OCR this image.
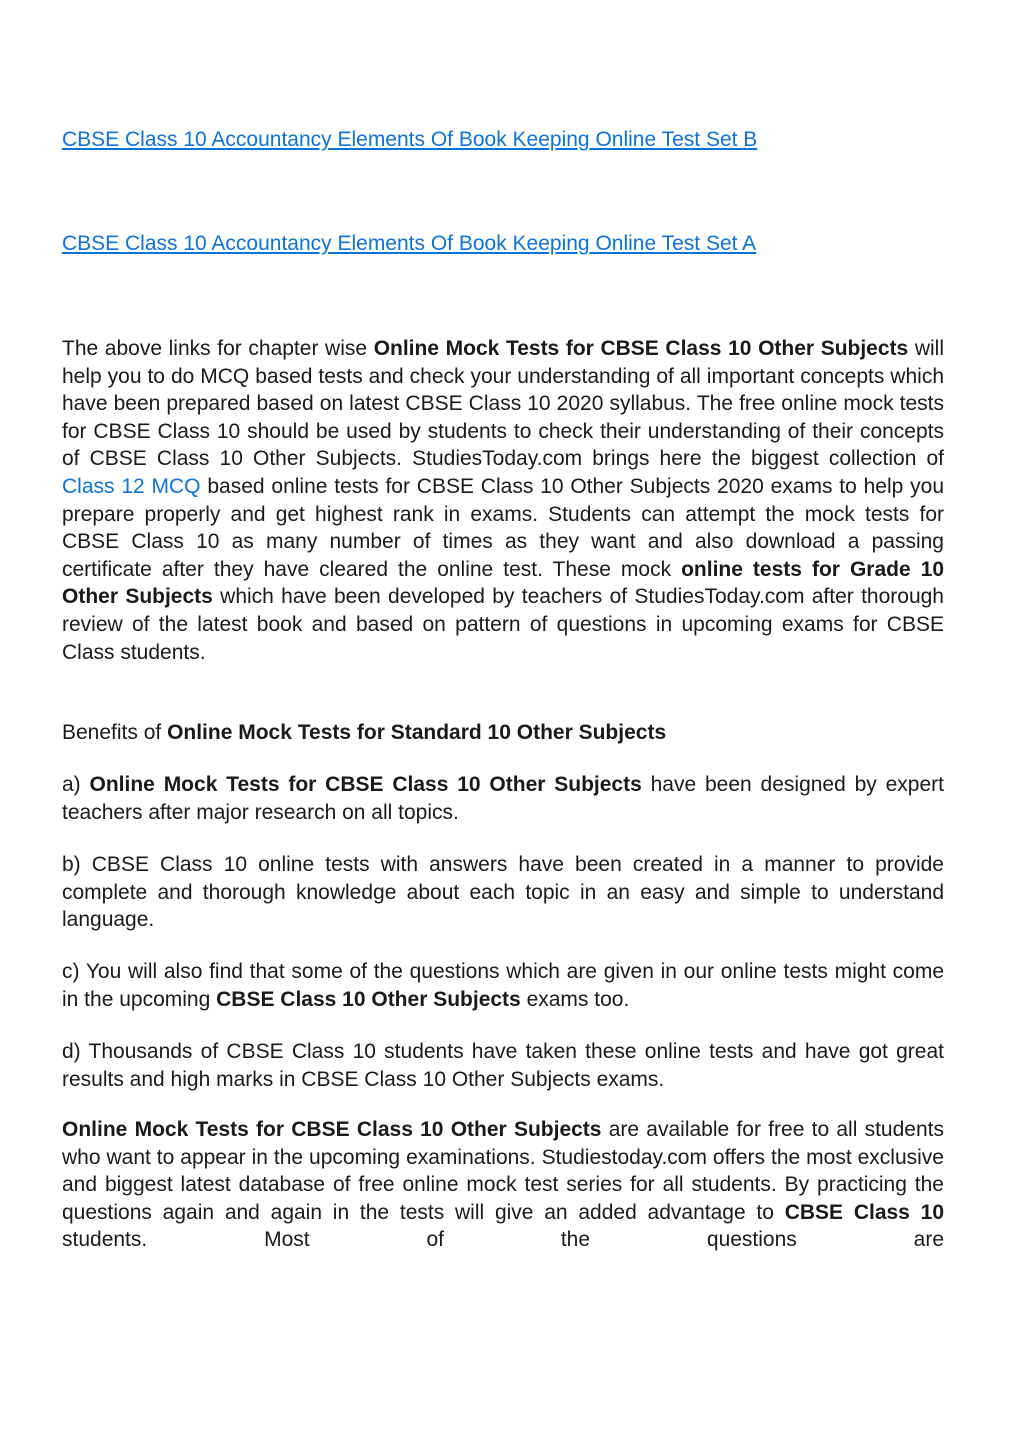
CBSE Class 10 Accountancy Elements Of Book Keeping Online Test Set B
CBSE Class 10 Accountancy Elements Of Book Keeping Online Test Set A

The above links for chapter wise Online Mock Tests for CBSE Class 10 Other Subjects will help you to do MCQ based tests and check your understanding of all important concepts which have been prepared based on latest CBSE Class 10 2020 syllabus. The free online mock tests for CBSE Class 10 should be used by students to check their understanding of their concepts of CBSE Class 10 Other Subjects. StudiesToday.com brings here the biggest collection of Class 12 MCQ based online tests for CBSE Class 10 Other Subjects 2020 exams to help you prepare properly and get highest rank in exams. Students can attempt the mock tests for CBSE Class 10 as many number of times as they want and also download a passing certificate after they have cleared the online test. These mock online tests for Grade 10 Other Subjects which have been developed by teachers of StudiesToday.com after thorough review of the latest book and based on pattern of questions in upcoming exams for CBSE Class students.

Benefits of Online Mock Tests for Standard 10 Other Subjects

a) Online Mock Tests for CBSE Class 10 Other Subjects have been designed by expert teachers after major research on all topics.

b) CBSE Class 10 online tests with answers have been created in a manner to provide complete and thorough knowledge about each topic in an easy and simple to understand language.

c) You will also find that some of the questions which are given in our online tests might come in the upcoming CBSE Class 10 Other Subjects exams too.

d) Thousands of CBSE Class 10 students have taken these online tests and have got great results and high marks in CBSE Class 10 Other Subjects exams.

Online Mock Tests for CBSE Class 10 Other Subjects are available for free to all students who want to appear in the upcoming examinations. Studiestoday.com offers the most exclusive and biggest latest database of free online mock test series for all students. By practicing the questions again and again in the tests will give an added advantage to CBSE Class 10 students. Most of the questions are
